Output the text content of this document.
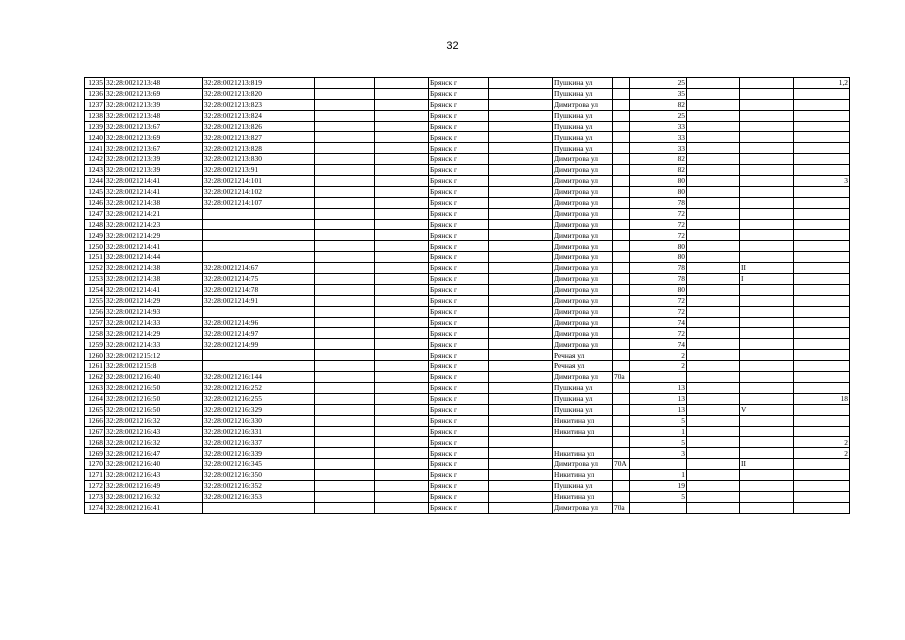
32
1235	32:28:0021213:48	32:28:0021213:819			Брянск г		Пушкина ул		25			1,2
1236	32:28:0021213:69	32:28:0021213:820			Брянск г		Пушкина ул		35			
1237	32:28:0021213:39	32:28:0021213:823			Брянск г		Димитрова ул		82			
1238	32:28:0021213:48	32:28:0021213:824			Брянск г		Пушкина ул		25			
1239	32:28:0021213:67	32:28:0021213:826			Брянск г		Пушкина ул		33			
1240	32:28:0021213:69	32:28:0021213:827			Брянск г		Пушкина ул		33			
1241	32:28:0021213:67	32:28:0021213:828			Брянск г		Пушкина ул		33			
1242	32:28:0021213:39	32:28:0021213:830			Брянск г		Димитрова ул		82			
1243	32:28:0021213:39	32:28:0021213:91			Брянск г		Димитрова ул		82			
1244	32:28:0021214:41	32:28:0021214:101			Брянск г		Димитрова ул		80			3
1245	32:28:0021214:41	32:28:0021214:102			Брянск г		Димитрова ул		80			
1246	32:28:0021214:38	32:28:0021214:107			Брянск г		Димитрова ул		78			
1247	32:28:0021214:21				Брянск г		Димитрова ул		72			
1248	32:28:0021214:23				Брянск г		Димитрова ул		72			
1249	32:28:0021214:29				Брянск г		Димитрова ул		72			
1250	32:28:0021214:41				Брянск г		Димитрова ул		80			
1251	32:28:0021214:44				Брянск г		Димитрова ул		80			
1252	32:28:0021214:38	32:28:0021214:67			Брянск г		Димитрова ул		78		II	
1253	32:28:0021214:38	32:28:0021214:75			Брянск г		Димитрова ул		78		I	
1254	32:28:0021214:41	32:28:0021214:78			Брянск г		Димитрова ул		80			
1255	32:28:0021214:29	32:28:0021214:91			Брянск г		Димитрова ул		72			
1256	32:28:0021214:93				Брянск г		Димитрова ул		72			
1257	32:28:0021214:33	32:28:0021214:96			Брянск г		Димитрова ул		74			
1258	32:28:0021214:29	32:28:0021214:97			Брянск г		Димитрова ул		72			
1259	32:28:0021214:33	32:28:0021214:99			Брянск г		Димитрова ул		74			
1260	32:28:0021215:12				Брянск г		Речная ул		2			
1261	32:28:0021215:8				Брянск г		Речная ул		2			
1262	32:28:0021216:40	32:28:0021216:144			Брянск г		Димитрова ул	70а				
1263	32:28:0021216:50	32:28:0021216:252			Брянск г		Пушкина ул		13			
1264	32:28:0021216:50	32:28:0021216:255			Брянск г		Пушкина ул		13			18
1265	32:28:0021216:50	32:28:0021216:329			Брянск г		Пушкина ул		13		V	
1266	32:28:0021216:32	32:28:0021216:330			Брянск г		Никитина ул		5			
1267	32:28:0021216:43	32:28:0021216:331			Брянск г		Никитина ул		1			
1268	32:28:0021216:32	32:28:0021216:337			Брянск г				5			2
1269	32:28:0021216:47	32:28:0021216:339			Брянск г		Никитина ул		3			2
1270	32:28:0021216:40	32:28:0021216:345			Брянск г		Димитрова ул	70А			II	
1271	32:28:0021216:43	32:28:0021216:350			Брянск г		Никитина ул		1			
1272	32:28:0021216:49	32:28:0021216:352			Брянск г		Пушкина ул		19			
1273	32:28:0021216:32	32:28:0021216:353			Брянск г		Никитина ул		5			
1274	32:28:0021216:41				Брянск г		Димитрова ул	70а				
